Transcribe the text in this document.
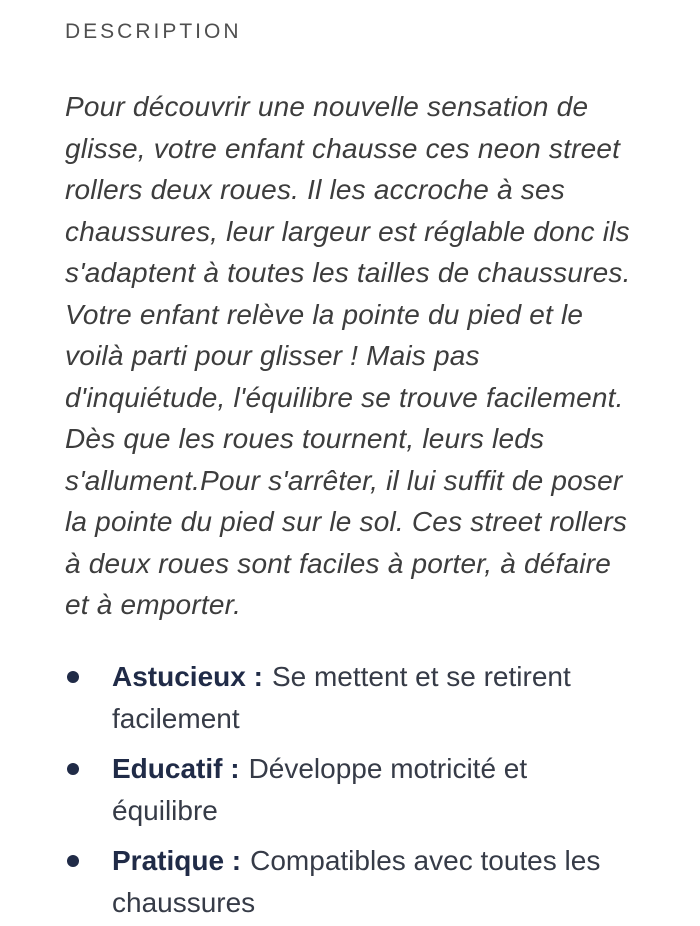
DESCRIPTION

Pour découvrir une nouvelle sensation de glisse, votre enfant chausse ces neon street rollers deux roues. Il les accroche à ses chaussures, leur largeur est réglable donc ils s'adaptent à toutes les tailles de chaussures. Votre enfant relève la pointe du pied et le voilà parti pour glisser ! Mais pas d'inquiétude, l'équilibre se trouve facilement. Dès que les roues tournent, leurs leds s'allument.Pour s'arrêter, il lui suffit de poser la pointe du pied sur le sol. Ces street rollers à deux roues sont faciles à porter, à défaire et à emporter.

Astucieux : Se mettent et se retirent facilement
Educatif : Développe motricité et équilibre
Pratique : Compatibles avec toutes les chaussures
